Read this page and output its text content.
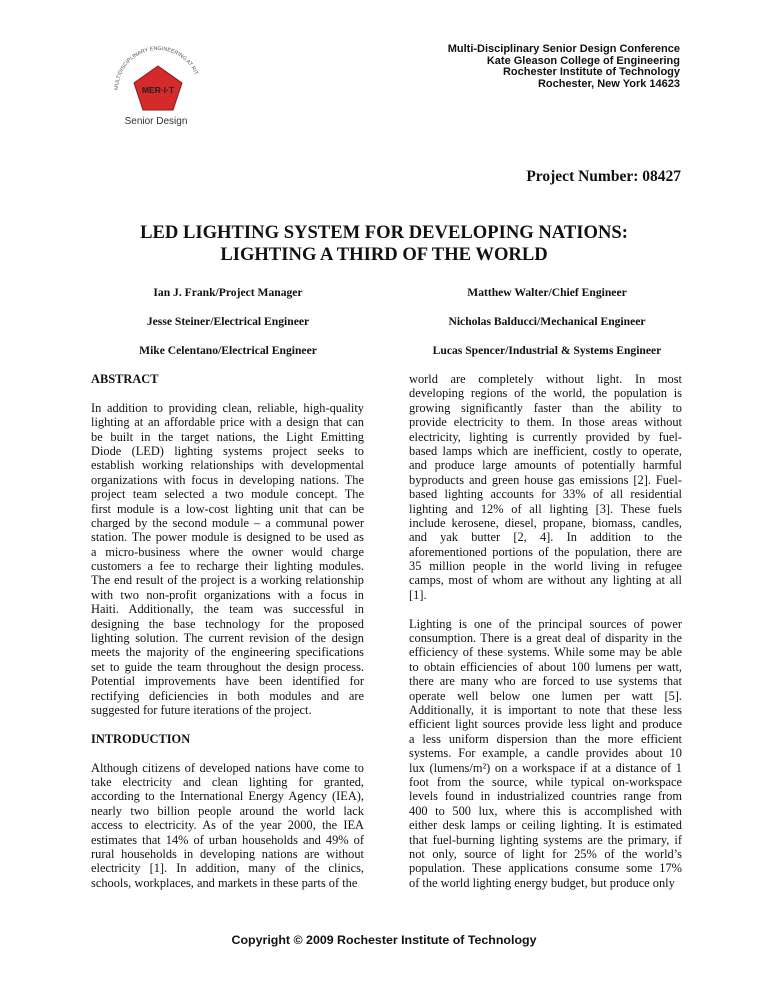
MER·I·T
MULTIDISCIPLINARY ENGINEERING AT RIT
Senior Design
Multi-Disciplinary Senior Design Conference
Kate Gleason College of Engineering
Rochester Institute of Technology
Rochester, New York 14623
Project Number: 08427
LED LIGHTING SYSTEM FOR DEVELOPING NATIONS:
LIGHTING A THIRD OF THE WORLD
Ian J. Frank/Project Manager
Jesse Steiner/Electrical Engineer
Mike Celentano/Electrical Engineer
Matthew Walter/Chief Engineer
Nicholas Balducci/Mechanical Engineer
Lucas Spencer/Industrial & Systems Engineer
ABSTRACT
In addition to providing clean, reliable, high-quality
lighting at an affordable price with a design that can
be built in the target nations, the Light Emitting
Diode (LED) lighting systems project seeks to
establish working relationships with developmental
organizations with focus in developing nations. The
project team selected a two module concept. The
first module is a low-cost lighting unit that can be
charged by the second module – a communal power
station. The power module is designed to be used as
a micro-business where the owner would charge
customers a fee to recharge their lighting modules.
The end result of the project is a working relationship
with two non-profit organizations with a focus in
Haiti. Additionally, the team was successful in
designing the base technology for the proposed
lighting solution. The current revision of the design
meets the majority of the engineering specifications
set to guide the team throughout the design process.
Potential improvements have been identified for
rectifying deficiencies in both modules and are
suggested for future iterations of the project.
INTRODUCTION
Although citizens of developed nations have come to
take electricity and clean lighting for granted,
according to the International Energy Agency (IEA),
nearly two billion people around the world lack
access to electricity. As of the year 2000, the IEA
estimates that 14% of urban households and 49% of
rural households in developing nations are without
electricity [1]. In addition, many of the clinics,
schools, workplaces, and markets in these parts of the
world are completely without light. In most
developing regions of the world, the population is
growing significantly faster than the ability to
provide electricity to them. In those areas without
electricity, lighting is currently provided by fuel-
based lamps which are inefficient, costly to operate,
and produce large amounts of potentially harmful
byproducts and green house gas emissions [2]. Fuel-
based lighting accounts for 33% of all residential
lighting and 12% of all lighting [3]. These fuels
include kerosene, diesel, propane, biomass, candles,
and yak butter [2, 4]. In addition to the
aforementioned portions of the population, there are
35 million people in the world living in refugee
camps, most of whom are without any lighting at all
[1].
Lighting is one of the principal sources of power
consumption. There is a great deal of disparity in the
efficiency of these systems. While some may be able
to obtain efficiencies of about 100 lumens per watt,
there are many who are forced to use systems that
operate well below one lumen per watt [5].
Additionally, it is important to note that these less
efficient light sources provide less light and produce
a less uniform dispersion than the more efficient
systems. For example, a candle provides about 10
lux (lumens/m²) on a workspace if at a distance of 1
foot from the source, while typical on-workspace
levels found in industrialized countries range from
400 to 500 lux, where this is accomplished with
either desk lamps or ceiling lighting. It is estimated
that fuel-burning lighting systems are the primary, if
not only, source of light for 25% of the world’s
population. These applications consume some 17%
of the world lighting energy budget, but produce only
Copyright © 2009 Rochester Institute of Technology
